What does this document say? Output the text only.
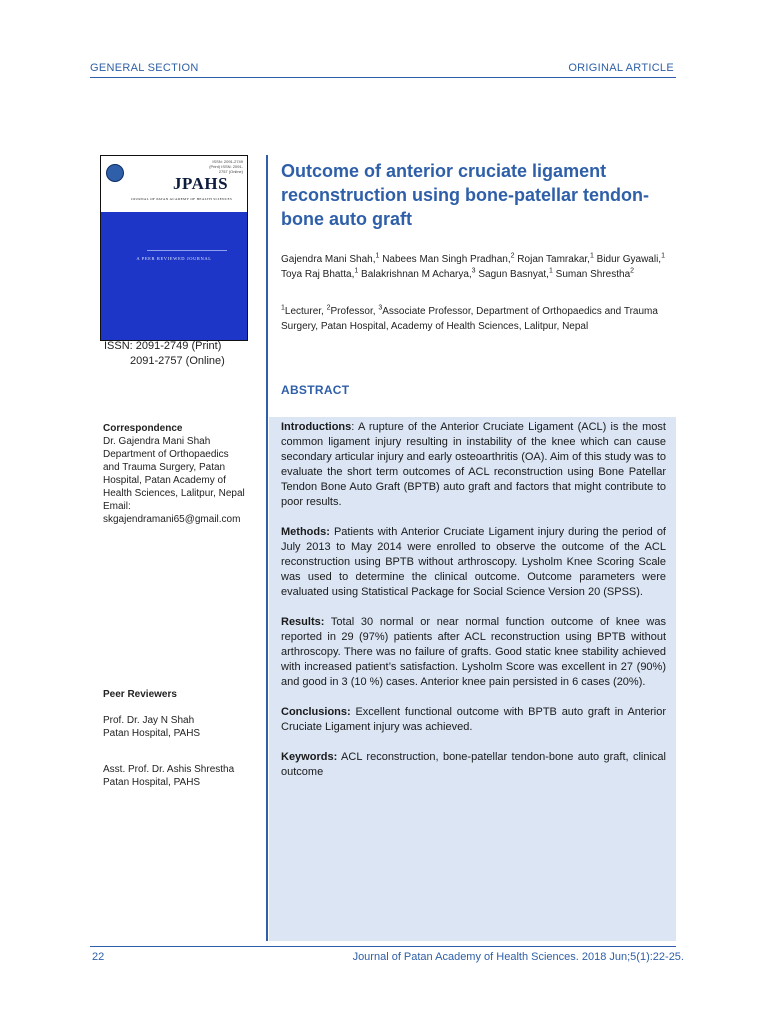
GENERAL SECTION	ORIGINAL ARTICLE
ISSN: 2091-2749 (Print) ISSN: 2091-2757 (Online)
JPAHS
JOURNAL OF PATAN ACADEMY OF HEALTH SCIENCES
A PEER REVIEWED JOURNAL
ISSN: 2091-2749 (Print)
2091-2757 (Online)
Outcome of anterior cruciate ligament reconstruction using bone-patellar tendon-bone auto graft
Gajendra Mani Shah,$^1$ Nabees Man Singh Pradhan,$^2$ Rojan Tamrakar,$^1$ Bidur Gyawali,$^1$ Toya Raj Bhatta,$^1$ Balakrishnan M Acharya,$^3$ Sagun Basnyat,$^1$ Suman Shrestha$^2$
$^1$Lecturer, $^2$Professor, $^3$Associate Professor, Department of Orthopaedics and Trauma Surgery, Patan Hospital, Academy of Health Sciences, Lalitpur, Nepal
ABSTRACT

Introductions: A rupture of the Anterior Cruciate Ligament (ACL) is the most common ligament injury resulting in instability of the knee which can cause secondary articular injury and early osteoarthritis (OA). Aim of this study was to evaluate the short term outcomes of ACL reconstruction using Bone Patellar Tendon Bone Auto Graft (BPTB) auto graft and factors that might contribute to poor results.

Methods: Patients with Anterior Cruciate Ligament injury during the period of July 2013 to May 2014 were enrolled to observe the outcome of the ACL reconstruction using BPTB without arthroscopy. Lysholm Knee Scoring Scale was used to determine the clinical outcome. Outcome parameters were evaluated using Statistical Package for Social Science Version 20 (SPSS).

Results: Total 30 normal or near normal function outcome of knee was reported in 29 (97%) patients after ACL reconstruction using BPTB without arthroscopy. There was no failure of grafts. Good static knee stability achieved with increased patient’s satisfaction. Lysholm Score was excellent in 27 (90%) and good in 3 (10 %) cases. Anterior knee pain persisted in 6 cases (20%).

Conclusions: Excellent functional outcome with BPTB auto graft in Anterior Cruciate Ligament injury was achieved.

Keywords: ACL reconstruction, bone-patellar tendon-bone auto graft, clinical outcome

Correspondence

Dr. Gajendra Mani Shah

Department of Orthopaedics

and Trauma Surgery, Patan

Hospital, Patan Academy of

Health Sciences, Lalitpur, Nepal

Email:

skgajendramani65@gmail.com

Peer Reviewers

Prof. Dr. Jay N Shah

Patan Hospital, PAHS

Asst. Prof. Dr. Ashis Shrestha

Patan Hospital, PAHS

22	Journal of Patan Academy of Health Sciences. 2018 Jun;5(1):22-25.
